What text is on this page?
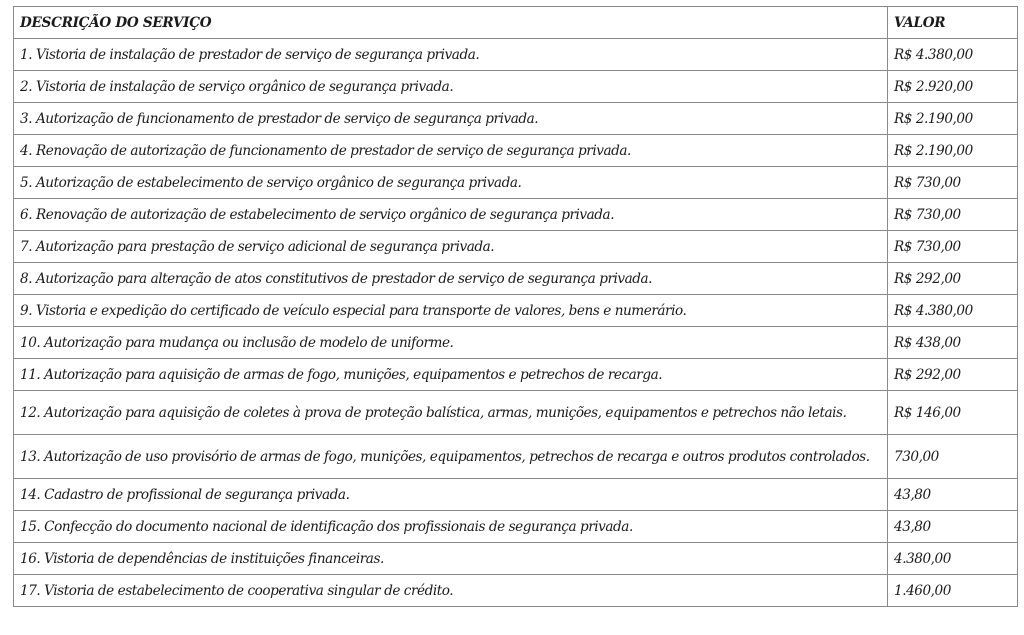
DESCRIÇÃO DO SERVIÇO	VALOR
1. Vistoria de instalação de prestador de serviço de segurança privada.	R$ 4.380,00
2. Vistoria de instalação de serviço orgânico de segurança privada.	R$ 2.920,00
3. Autorização de funcionamento de prestador de serviço de segurança privada.	R$ 2.190,00
4. Renovação de autorização de funcionamento de prestador de serviço de segurança privada.	R$ 2.190,00
5. Autorização de estabelecimento de serviço orgânico de segurança privada.	R$ 730,00
6. Renovação de autorização de estabelecimento de serviço orgânico de segurança privada.	R$ 730,00
7. Autorização para prestação de serviço adicional de segurança privada.	R$ 730,00
8. Autorização para alteração de atos constitutivos de prestador de serviço de segurança privada.	R$ 292,00
9. Vistoria e expedição do certificado de veículo especial para transporte de valores, bens e numerário.	R$ 4.380,00
10. Autorização para mudança ou inclusão de modelo de uniforme.	R$ 438,00
11. Autorização para aquisição de armas de fogo, munições, equipamentos e petrechos de recarga.	R$ 292,00
12. Autorização para aquisição de coletes à prova de proteção balística, armas, munições, equipamentos e petrechos não letais.	R$ 146,00
13. Autorização de uso provisório de armas de fogo, munições, equipamentos, petrechos de recarga e outros produtos controlados.	730,00
14. Cadastro de profissional de segurança privada.	43,80
15. Confecção do documento nacional de identificação dos profissionais de segurança privada.	43,80
16. Vistoria de dependências de instituições financeiras.	4.380,00
17. Vistoria de estabelecimento de cooperativa singular de crédito.	1.460,00
